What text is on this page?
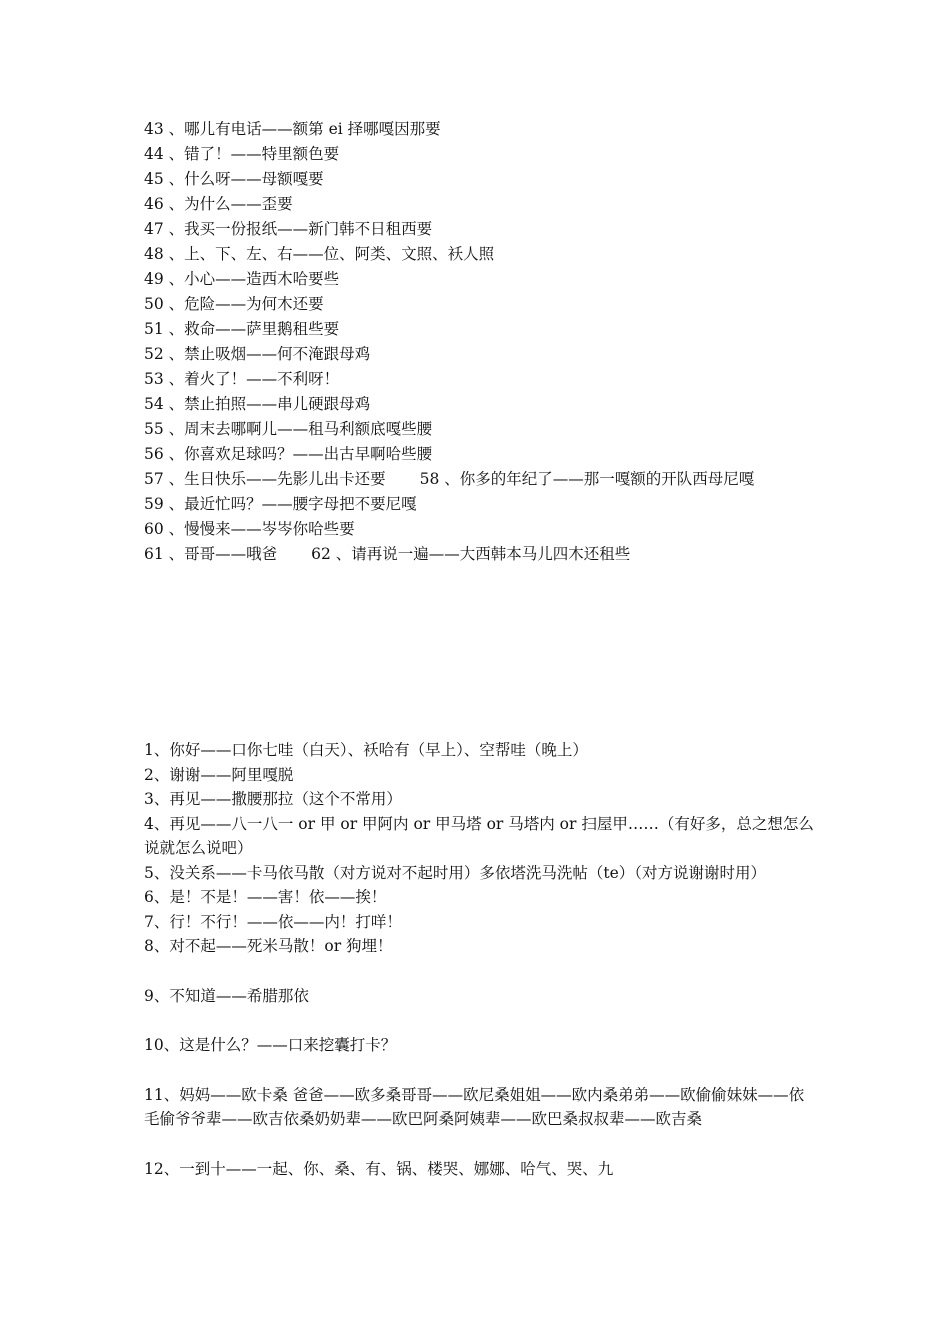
43 、哪儿有电话——额第 ei 择哪嘎因那要
44 、错了！——特里额色要
45 、什么呀——母额嘎要
46 、为什么——歪要
47 、我买一份报纸——新门韩不日租西要
48 、上、下、左、右——位、阿类、文照、袄人照
49 、小心——造西木哈要些
50 、危险——为何木还要
51 、救命——萨里鹅租些要
52 、禁止吸烟——何不淹跟母鸡
53 、着火了！——不利呀！
54 、禁止拍照——串儿硬跟母鸡
55 、周末去哪啊儿——租马利额底嘎些腰
56 、你喜欢足球吗？——出古早啊哈些腰
57 、生日快乐——先影儿出卡还要 58 、你多的年纪了——那一嘎额的开队西母尼嘎
59 、最近忙吗？——腰字母把不要尼嘎
60 、慢慢来——岑岑你哈些要
61 、哥哥——哦爸 62 、请再说一遍——大西韩本马儿四木还租些
1、你好——口你七哇（白天）、袄哈有（早上）、空帮哇（晚上）
2、谢谢——阿里嘎脱
3、再见——撒腰那拉（这个不常用）
4、再见——八一八一 or 甲 or 甲阿内 or 甲马塔 or 马塔内 or 扫屋甲……（有好多，总之想怎么说就怎么说吧）
5、没关系——卡马依马散（对方说对不起时用）多依塔洗马洗帖（te）（对方说谢谢时用）
6、是！不是！——害！依——挨！
7、行！不行！——依——内！打咩！
8、对不起——死米马散！or 狗埋！
9、不知道——希腊那依
10、这是什么？——口来挖囊打卡？
11、妈妈——欧卡桑 爸爸——欧多桑哥哥——欧尼桑姐姐——欧内桑弟弟——欧偷偷妹妹——依毛偷爷爷辈——欧吉依桑奶奶辈——欧巴阿桑阿姨辈——欧巴桑叔叔辈——欧吉桑
12、一到十——一起、你、桑、有、锅、楼哭、娜娜、哈气、哭、九
